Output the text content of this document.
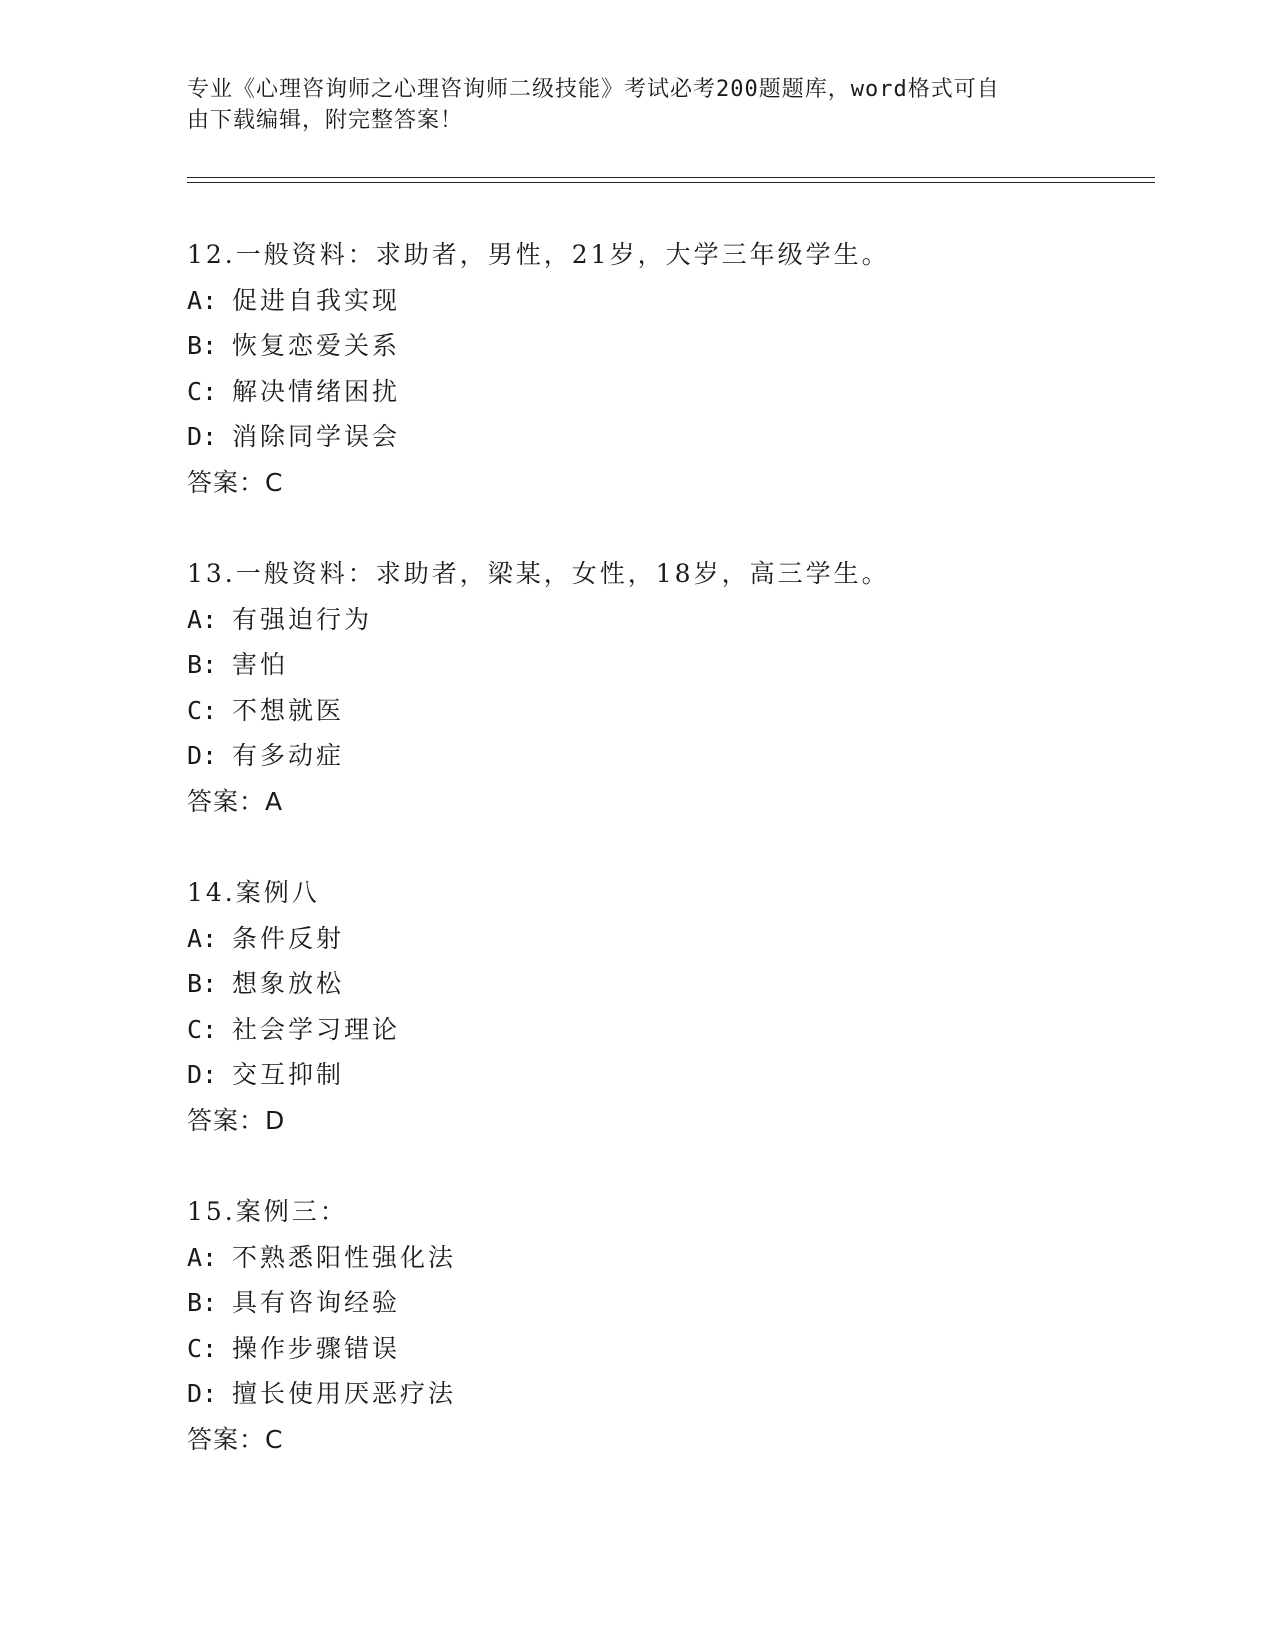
专业《心理咨询师之心理咨询师二级技能》考试必考200题题库，word格式可自
由下载编辑，附完整答案！
12.一般资料：求助者，男性，21岁，大学三年级学生。
A: 促进自我实现
B: 恢复恋爱关系
C: 解决情绪困扰
D: 消除同学误会
答案：C
13.一般资料：求助者，梁某，女性，18岁，高三学生。
A: 有强迫行为
B: 害怕
C: 不想就医
D: 有多动症
答案：A
14.案例八
A: 条件反射
B: 想象放松
C: 社会学习理论
D: 交互抑制
答案：D
15.案例三：
A: 不熟悉阳性强化法
B: 具有咨询经验
C: 操作步骤错误
D: 擅长使用厌恶疗法
答案：C
